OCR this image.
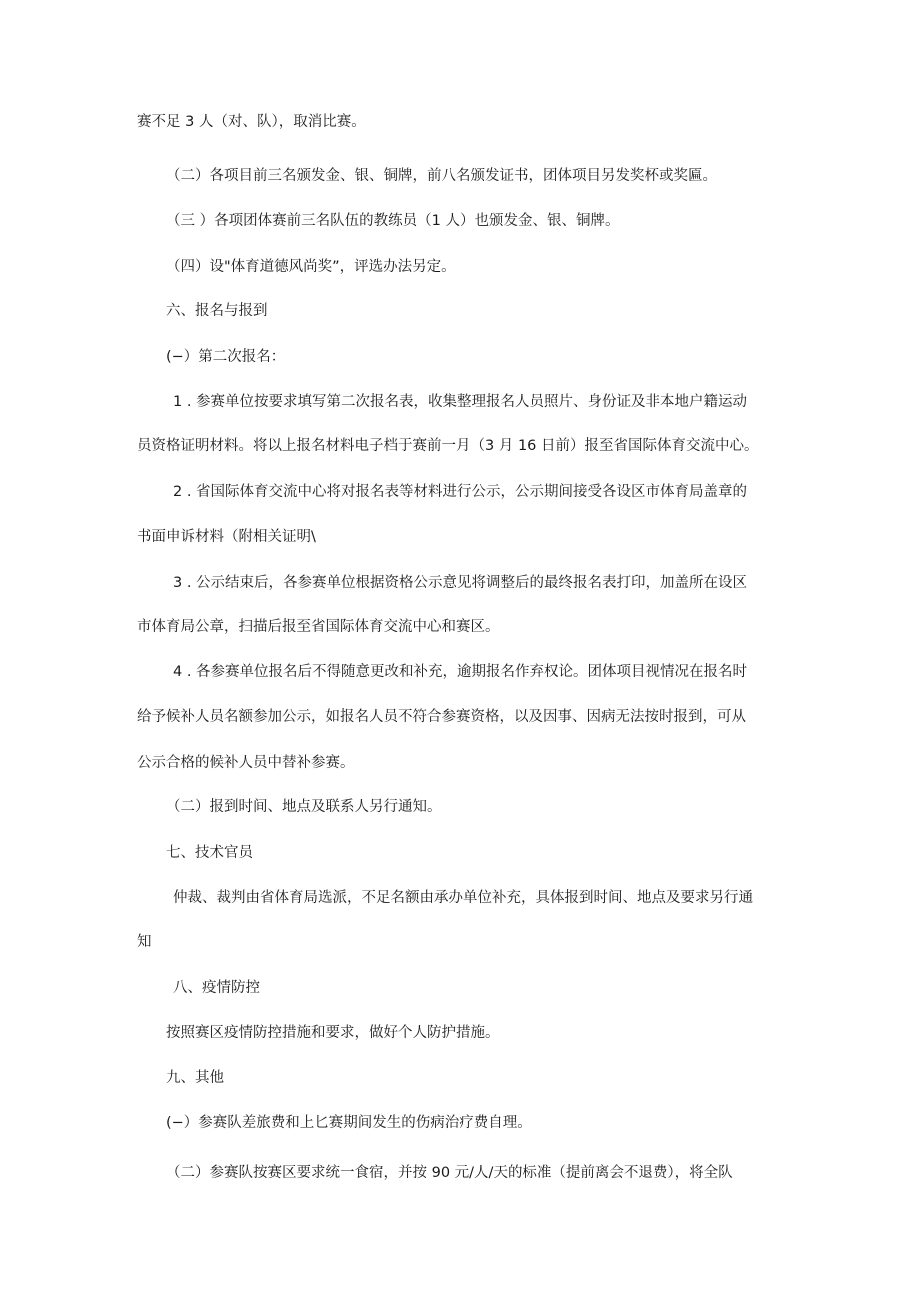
赛不足 3 人（对、队），取消比赛。
（二）各项目前三名颁发金、银、铜牌，前八名颁发证书，团体项目另发奖杯或奖匾。
（三 ）各项团体赛前三名队伍的教练员（1 人）也颁发金、银、铜牌。
（四）设"体育道德风尚奖”，评选办法另定。
六、报名与报到
(−）第二次报名：
1 . 参赛单位按要求填写第二次报名表，收集整理报名人员照片、身份证及非本地户籍运动
员资格证明材料。将以上报名材料电子档于赛前一月（3 月 16 日前）报至省国际体育交流中心。
2 . 省国际体育交流中心将对报名表等材料进行公示，公示期间接受各设区市体育局盖章的
书面申诉材料（附相关证明\
3 . 公示结束后，各参赛单位根据资格公示意见将调整后的最终报名表打印，加盖所在设区
市体育局公章，扫描后报至省国际体育交流中心和赛区。
4 . 各参赛单位报名后不得随意更改和补充，逾期报名作弃权论。团体项目视情况在报名时
给予候补人员名额参加公示，如报名人员不符合参赛资格，以及因事、因病无法按时报到，可从
公示合格的候补人员中替补参赛。
（二）报到时间、地点及联系人另行通知。
七、技术官员
仲裁、裁判由省体育局选派，不足名额由承办单位补充，具体报到时间、地点及要求另行通
知
八、疫情防控
按照赛区疫情防控措施和要求，做好个人防护措施。
九、其他
(−）参赛队差旅费和上匕赛期间发生的伤病治疗费自理。
（二）参赛队按赛区要求统一食宿，并按 90 元/人/天的标准（提前离会不退费），将全队
